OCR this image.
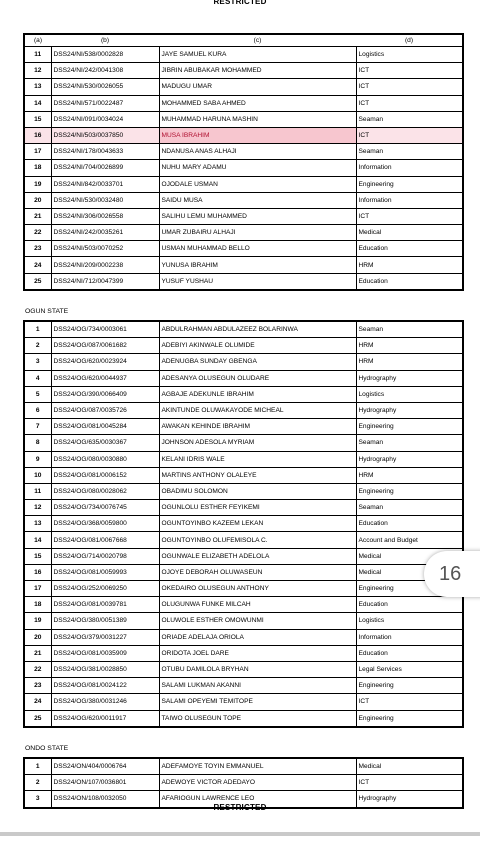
RESTRICTED
(a)	(b)	(c)	(d)
11	DSS24/NI/538/0002828	JAYE SAMUEL KURA	Logistics
12	DSS24/NI/242/0041308	JIBRIN ABUBAKAR MOHAMMED	ICT
13	DSS24/NI/530/0026055	MADUGU UMAR	ICT
14	DSS24/NI/571/0022487	MOHAMMED SABA AHMED	ICT
15	DSS24/NI/091/0034024	MUHAMMAD HARUNA MASHIN	Seaman
16	DSS24/NI/503/0037850	MUSA IBRAHIM	ICT
17	DSS24/NI/178/0043633	NDANUSA ANAS ALHAJI	Seaman
18	DSS24/NI/704/0026899	NUHU MARY ADAMU	Information
19	DSS24/NI/842/0033701	OJODALE USMAN	Engineering
20	DSS24/NI/530/0032480	SAIDU MUSA	Information
21	DSS24/NI/306/0026558	SALIHU LEMU MUHAMMED	ICT
22	DSS24/NI/242/0035261	UMAR ZUBAIRU ALHAJI	Medical
23	DSS24/NI/503/0070252	USMAN MUHAMMAD BELLO	Education
24	DSS24/NI/209/0002238	YUNUSA IBRAHIM	HRM
25	DSS24/NI/712/0047399	YUSUF YUSHAU	Education
OGUN STATE
1	DSS24/OG/734/0003061	ABDULRAHMAN ABDULAZEEZ BOLARINWA	Seaman
2	DSS24/OG/087/0061682	ADEBIYI AKINWALE OLUMIDE	HRM
3	DSS24/OG/620/0023924	ADENUGBA SUNDAY GBENGA	HRM
4	DSS24/OG/620/0044937	ADESANYA OLUSEGUN OLUDARE	Hydrography
5	DSS24/OG/390/0066409	AGBAJE ADEKUNLE IBRAHIM	Logistics
6	DSS24/OG/087/0035726	AKINTUNDE OLUWAKAYODE MICHEAL	Hydrography
7	DSS24/OG/081/0045284	AWAKAN KEHINDE IBRAHIM	Engineering
8	DSS24/OG/635/0030367	JOHNSON ADESOLA MYRIAM	Seaman
9	DSS24/OG/080/0030880	KELANI IDRIS WALE	Hydrography
10	DSS24/OG/081/0006152	MARTINS ANTHONY OLALEYE	HRM
11	DSS24/OG/080/0028062	OBADIMU SOLOMON	Engineering
12	DSS24/OG/734/0076745	OGUNLOLU ESTHER FEYIKEMI	Seaman
13	DSS24/OG/368/0059800	OGUNTOYINBO KAZEEM LEKAN	Education
14	DSS24/OG/081/0067668	OGUNTOYINBO OLUFEMISOLA C.	Account and Budget
15	DSS24/OG/714/0020798	OGUNWALE ELIZABETH ADELOLA	Medical
16	DSS24/OG/081/0059993	OJOYE DEBORAH OLUWASEUN	Medical
17	DSS24/OG/252/0069250	OKEDAIRO OLUSEGUN ANTHONY	Engineering
18	DSS24/OG/081/0039781	OLUGUNWA FUNKE MILCAH	Education
19	DSS24/OG/380/0051389	OLUWOLE ESTHER OMOWUNMI	Logistics
20	DSS24/OG/379/0031227	ORIADE ADELAJA ORIOLA	Information
21	DSS24/OG/081/0035909	ORIDOTA JOEL DARE	Education
22	DSS24/OG/381/0028850	OTUBU DAMILOLA BRYHAN	Legal Services
23	DSS24/OG/081/0024122	SALAMI LUKMAN AKANNI	Engineering
24	DSS24/OG/380/0031246	SALAMI OPEYEMI TEMITOPE	ICT
25	DSS24/OG/620/0011917	TAIWO OLUSEGUN TOPE	Engineering
ONDO STATE
1	DSS24/ON/404/0006764	ADEFAMOYE TOYIN EMMANUEL	Medical
2	DSS24/ON/107/0036801	ADEWOYE VICTOR ADEDAYO	ICT
3	DSS24/ON/108/0032050	AFARIOGUN LAWRENCE LEO	Hydrography
RESTRICTED
16
